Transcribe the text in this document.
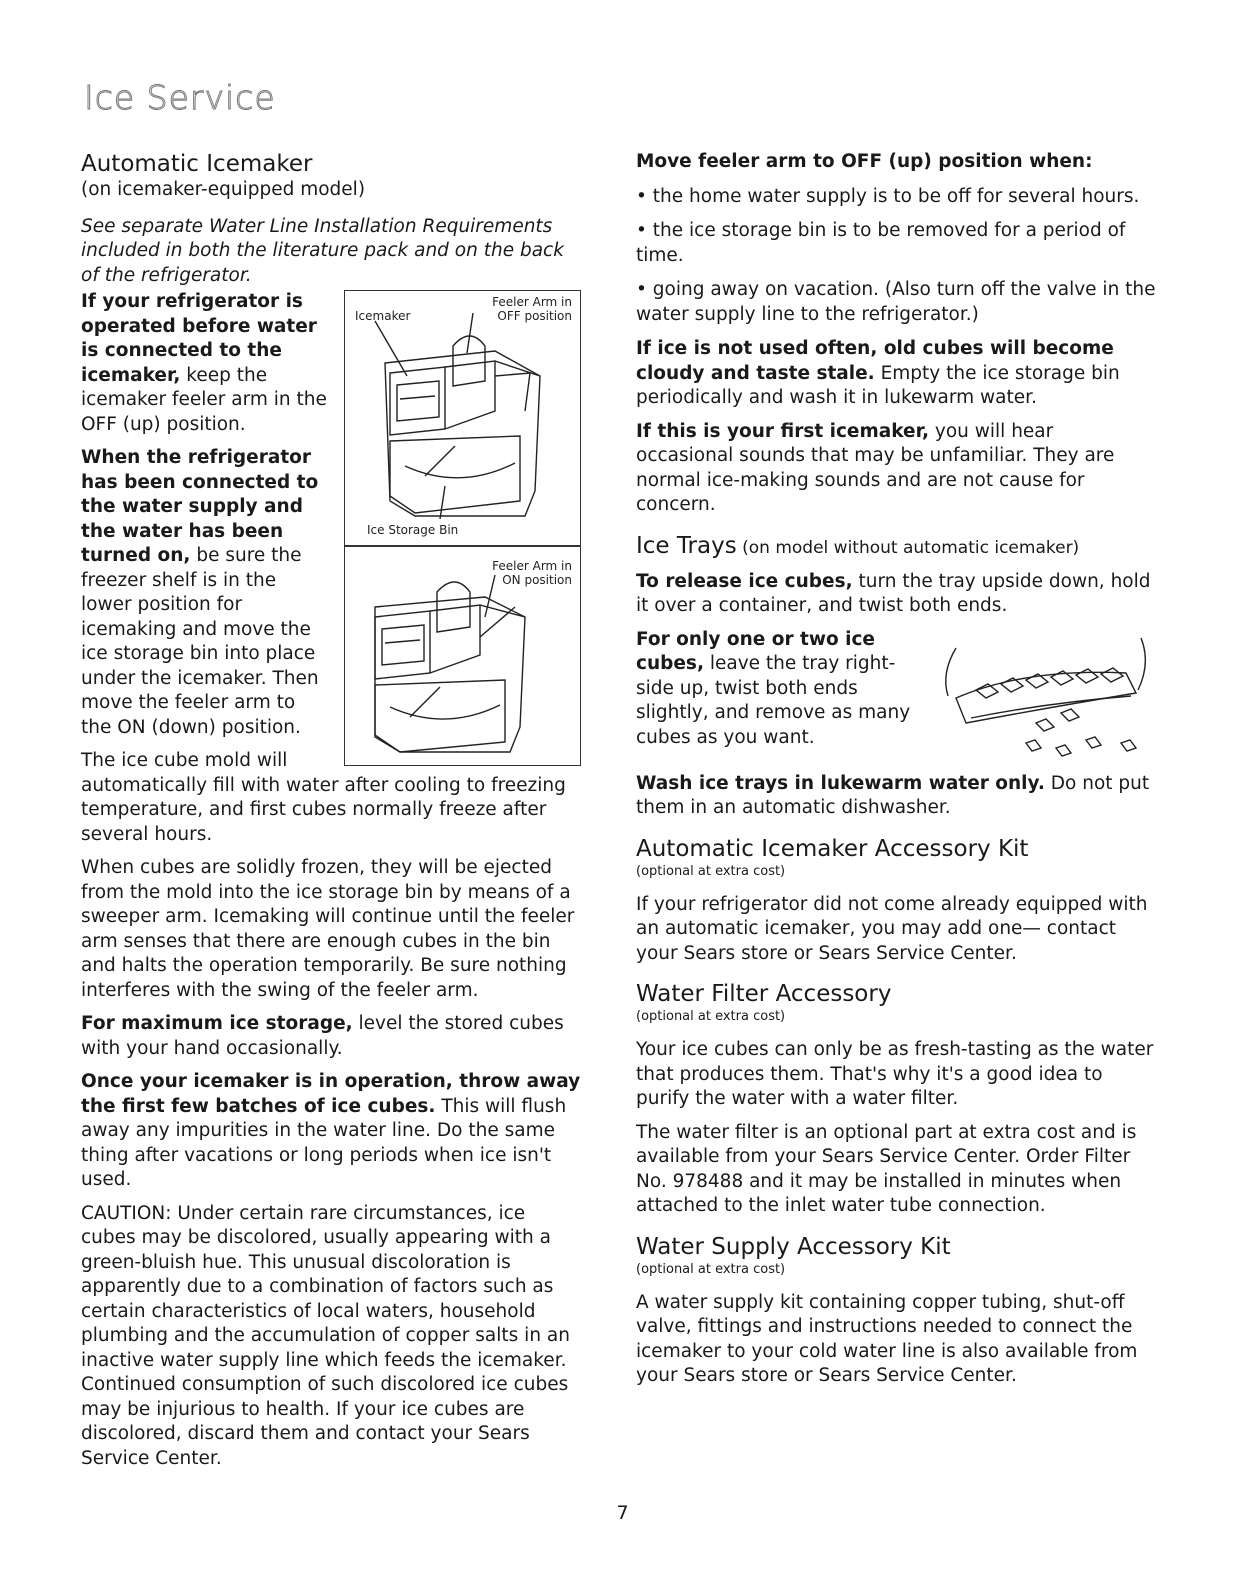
Ice Service
Automatic Icemaker

(on icemaker-equipped model)

See separate Water Line Installation Requirements included in both the literature pack and on the back of the refrigerator.

Icemaker
Feeler Arm in OFF position
Ice Storage Bin

If your refrigerator is operated before water is connected to the icemaker, keep the icemaker feeler arm in the OFF (up) position.

Feeler Arm in ON position

When the refrigerator has been connected to the water supply and the water has been turned on, be sure the freezer shelf is in the lower position for icemaking and move the ice storage bin into place under the icemaker. Then move the feeler arm to the ON (down) position.

The ice cube mold will automatically fill with water after cooling to freezing temperature, and first cubes normally freeze after several hours.

When cubes are solidly frozen, they will be ejected from the mold into the ice storage bin by means of a sweeper arm. Icemaking will continue until the feeler arm senses that there are enough cubes in the bin and halts the operation temporarily. Be sure nothing interferes with the swing of the feeler arm.

For maximum ice storage, level the stored cubes with your hand occasionally.

Once your icemaker is in operation, throw away the first few batches of ice cubes. This will flush away any impurities in the water line. Do the same thing after vacations or long periods when ice isn't used.

CAUTION: Under certain rare circumstances, ice cubes may be discolored, usually appearing with a green-bluish hue. This unusual discoloration is apparently due to a combination of factors such as certain characteristics of local waters, household plumbing and the accumulation of copper salts in an inactive water supply line which feeds the icemaker. Continued consumption of such discolored ice cubes may be injurious to health. If your ice cubes are discolored, discard them and contact your Sears Service Center.

Move feeler arm to OFF (up) position when:

• the home water supply is to be off for several hours.

• the ice storage bin is to be removed for a period of time.

• going away on vacation. (Also turn off the valve in the water supply line to the refrigerator.)

If ice is not used often, old cubes will become cloudy and taste stale. Empty the ice storage bin periodically and wash it in lukewarm water.

If this is your first icemaker, you will hear occasional sounds that may be unfamiliar. They are normal ice-making sounds and are not cause for concern.

Ice Trays (on model without automatic icemaker)

To release ice cubes, turn the tray upside down, hold it over a container, and twist both ends.

For only one or two ice cubes, leave the tray right-side up, twist both ends slightly, and remove as many cubes as you want.

Wash ice trays in lukewarm water only. Do not put them in an automatic dishwasher.

Automatic Icemaker Accessory Kit

(optional at extra cost)

If your refrigerator did not come already equipped with an automatic icemaker, you may add one— contact your Sears store or Sears Service Center.

Water Filter Accessory

(optional at extra cost)

Your ice cubes can only be as fresh-tasting as the water that produces them. That's why it's a good idea to purify the water with a water filter.

The water filter is an optional part at extra cost and is available from your Sears Service Center. Order Filter No. 978488 and it may be installed in minutes when attached to the inlet water tube connection.

Water Supply Accessory Kit

(optional at extra cost)

A water supply kit containing copper tubing, shut-off valve, fittings and instructions needed to connect the icemaker to your cold water line is also available from your Sears store or Sears Service Center.

7
